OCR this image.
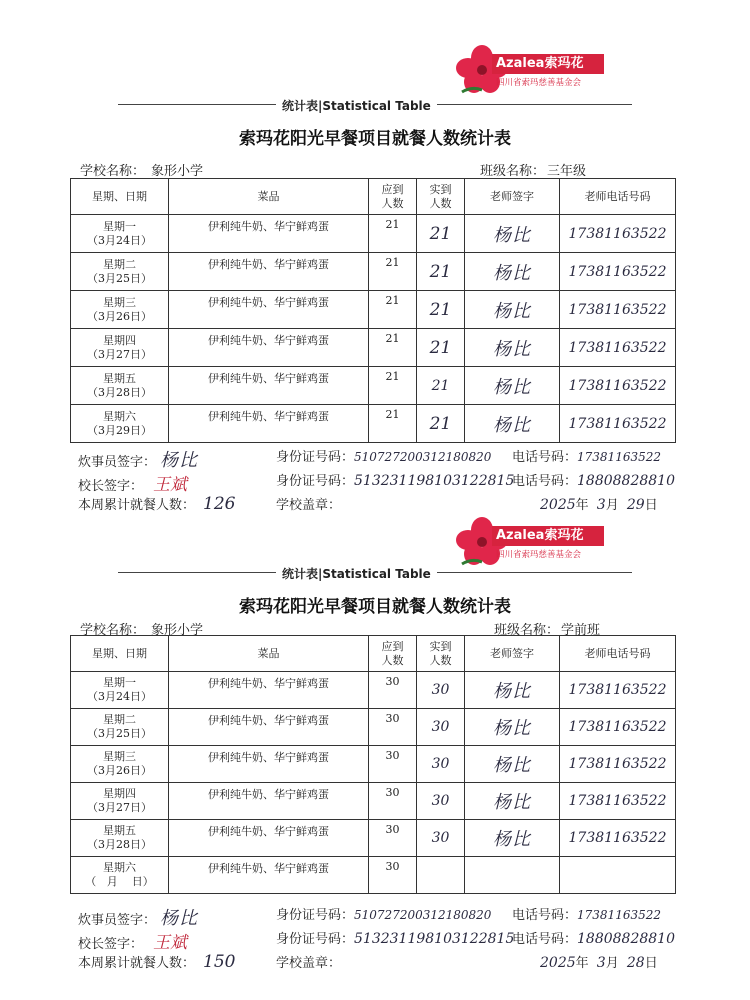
Azalea索玛花
四川省索玛慈善基金会
统计表|Statistical Table
索玛花阳光早餐项目就餐人数统计表
学校名称： 象形小学	班级名称： 三年级
星期、日期	菜品	应到人数	实到人数	老师签字	老师电话号码

星期一
（3月24日）	伊利纯牛奶、华宁鲜鸡蛋	21	21	杨比	17381163522

星期二
（3月25日）	伊利纯牛奶、华宁鲜鸡蛋	21	21	杨比	17381163522

星期三
（3月26日）	伊利纯牛奶、华宁鲜鸡蛋	21	21	杨比	17381163522

星期四
（3月27日）	伊利纯牛奶、华宁鲜鸡蛋	21	21	杨比	17381163522

星期五
（3月28日）	伊利纯牛奶、华宁鲜鸡蛋	21	21	杨比	17381163522

星期六
（3月29日）	伊利纯牛奶、华宁鲜鸡蛋	21	21	杨比	17381163522
炊事员签字： 杨比	身份证号码：510727200312180820 电话号码：17381163522
校长签字： 王斌	身份证号码：513231198103122815
电话号码：18808828810
本周累计就餐人数： 126	学校盖章：	2025年 3月 29日
Azalea索玛花
四川省索玛慈善基金会
统计表|Statistical Table
索玛花阳光早餐项目就餐人数统计表
学校名称： 象形小学	班级名称： 学前班
星期、日期	菜品	应到人数	实到人数	老师签字	老师电话号码

星期一
（3月24日）	伊利纯牛奶、华宁鲜鸡蛋	30	30	杨比	17381163522

星期二
（3月25日）	伊利纯牛奶、华宁鲜鸡蛋	30	30	杨比	17381163522

星期三
（3月26日）	伊利纯牛奶、华宁鲜鸡蛋	30	30	杨比	17381163522

星期四
（3月27日）	伊利纯牛奶、华宁鲜鸡蛋	30	30	杨比	17381163522

星期五
（3月28日）	伊利纯牛奶、华宁鲜鸡蛋	30	30	杨比	17381163522

星期六
（   月    日）	伊利纯牛奶、华宁鲜鸡蛋	30			
炊事员签字： 杨比	身份证号码：510727200312180820 电话号码：17381163522
校长签字： 王斌	身份证号码：513231198103122815
电话号码：18808828810
本周累计就餐人数： 150	学校盖章：	2025年 3月 28日
